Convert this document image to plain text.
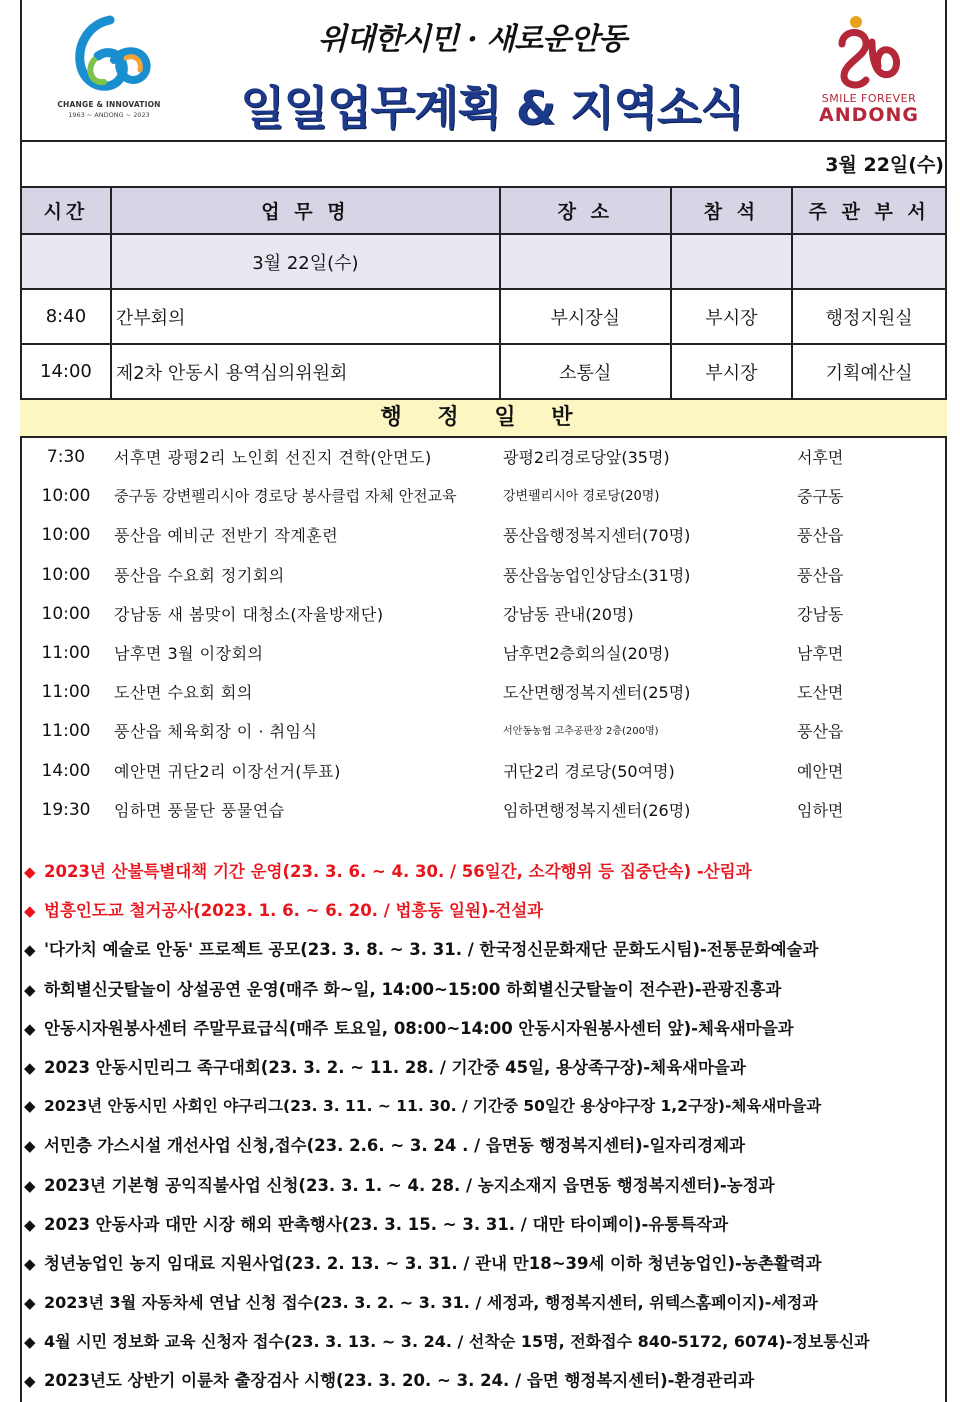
CHANGE & INNOVATION
1963 ~ ANDONG ~ 2023
위대한시민 · 새로운안동
일일업무계획 & 지역소식	SMILE FOREVER
ANDONG
3월 22일(수)
시간	업 무 명	장 소	참 석	주 관 부 서
	3월 22일(수)			
8:40	간부회의	부시장실	부시장	행정지원실
14:00	제2차 안동시 용역심의위원회	소통실	부시장	기획예산실
행 정 일 반
7:30	서후면 광평2리 노인회 선진지 견학(안면도)	광평2리경로당앞(35명)	서후면
10:00	중구동 강변펠리시아 경로당 봉사클럽 자체 안전교육	강변펠리시아 경로당(20명)	중구동
10:00	풍산읍 예비군 전반기 작계훈련	풍산읍행정복지센터(70명)	풍산읍
10:00	풍산읍 수요회 정기회의	풍산읍농업인상담소(31명)	풍산읍
10:00	강남동 새 봄맞이 대청소(자율방재단)	강남동 관내(20명)	강남동
11:00	남후면 3월 이장회의	남후면2층회의실(20명)	남후면
11:00	도산면 수요회 회의	도산면행정복지센터(25명)	도산면
11:00	풍산읍 체육회장 이 · 취임식	서안동농협 고추공판장 2층(200명)	풍산읍
14:00	예안면 귀단2리 이장선거(투표)	귀단2리 경로당(50여명)	예안면
19:30	임하면 풍물단 풍물연습	임하면행정복지센터(26명)	임하면
◆ 2023년 산불특별대책 기간 운영(23. 3. 6. ~ 4. 30. / 56일간, 소각행위 등 집중단속) -산림과
◆ 법흥인도교 철거공사(2023. 1. 6. ~ 6. 20. / 법흥동 일원)-건설과
◆ '다가치 예술로 안동' 프로젝트 공모(23. 3. 8. ~ 3. 31. / 한국정신문화재단 문화도시팀)-전통문화예술과
◆ 하회별신굿탈놀이 상설공연 운영(매주 화~일, 14:00~15:00 하회별신굿탈놀이 전수관)-관광진흥과
◆ 안동시자원봉사센터 주말무료급식(매주 토요일, 08:00~14:00 안동시자원봉사센터 앞)-체육새마을과
◆ 2023 안동시민리그 족구대회(23. 3. 2. ~ 11. 28. / 기간중 45일, 용상족구장)-체육새마을과
◆ 2023년 안동시민 사회인 야구리그(23. 3. 11. ~ 11. 30. / 기간중 50일간 용상야구장 1,2구장)-체육새마을과
◆ 서민층 가스시설 개선사업 신청,접수(23. 2.6. ~ 3. 24 . / 읍면동 행정복지센터)-일자리경제과
◆ 2023년 기본형 공익직불사업 신청(23. 3. 1. ~ 4. 28. / 농지소재지 읍면동 행정복지센터)-농정과
◆ 2023 안동사과 대만 시장 해외 판촉행사(23. 3. 15. ~ 3. 31. / 대만 타이페이)-유통특작과
◆ 청년농업인 농지 임대료 지원사업(23. 2. 13. ~ 3. 31. / 관내 만18~39세 이하 청년농업인)-농촌활력과
◆ 2023년 3월 자동차세 연납 신청 접수(23. 3. 2. ~ 3. 31. / 세정과, 행정복지센터, 위텍스홈페이지)-세정과
◆ 4월 시민 정보화 교육 신청자 접수(23. 3. 13. ~ 3. 24. / 선착순 15명, 전화접수 840-5172, 6074)-정보통신과
◆ 2023년도 상반기 이륜차 출장검사 시행(23. 3. 20. ~ 3. 24. / 읍면 행정복지센터)-환경관리과
